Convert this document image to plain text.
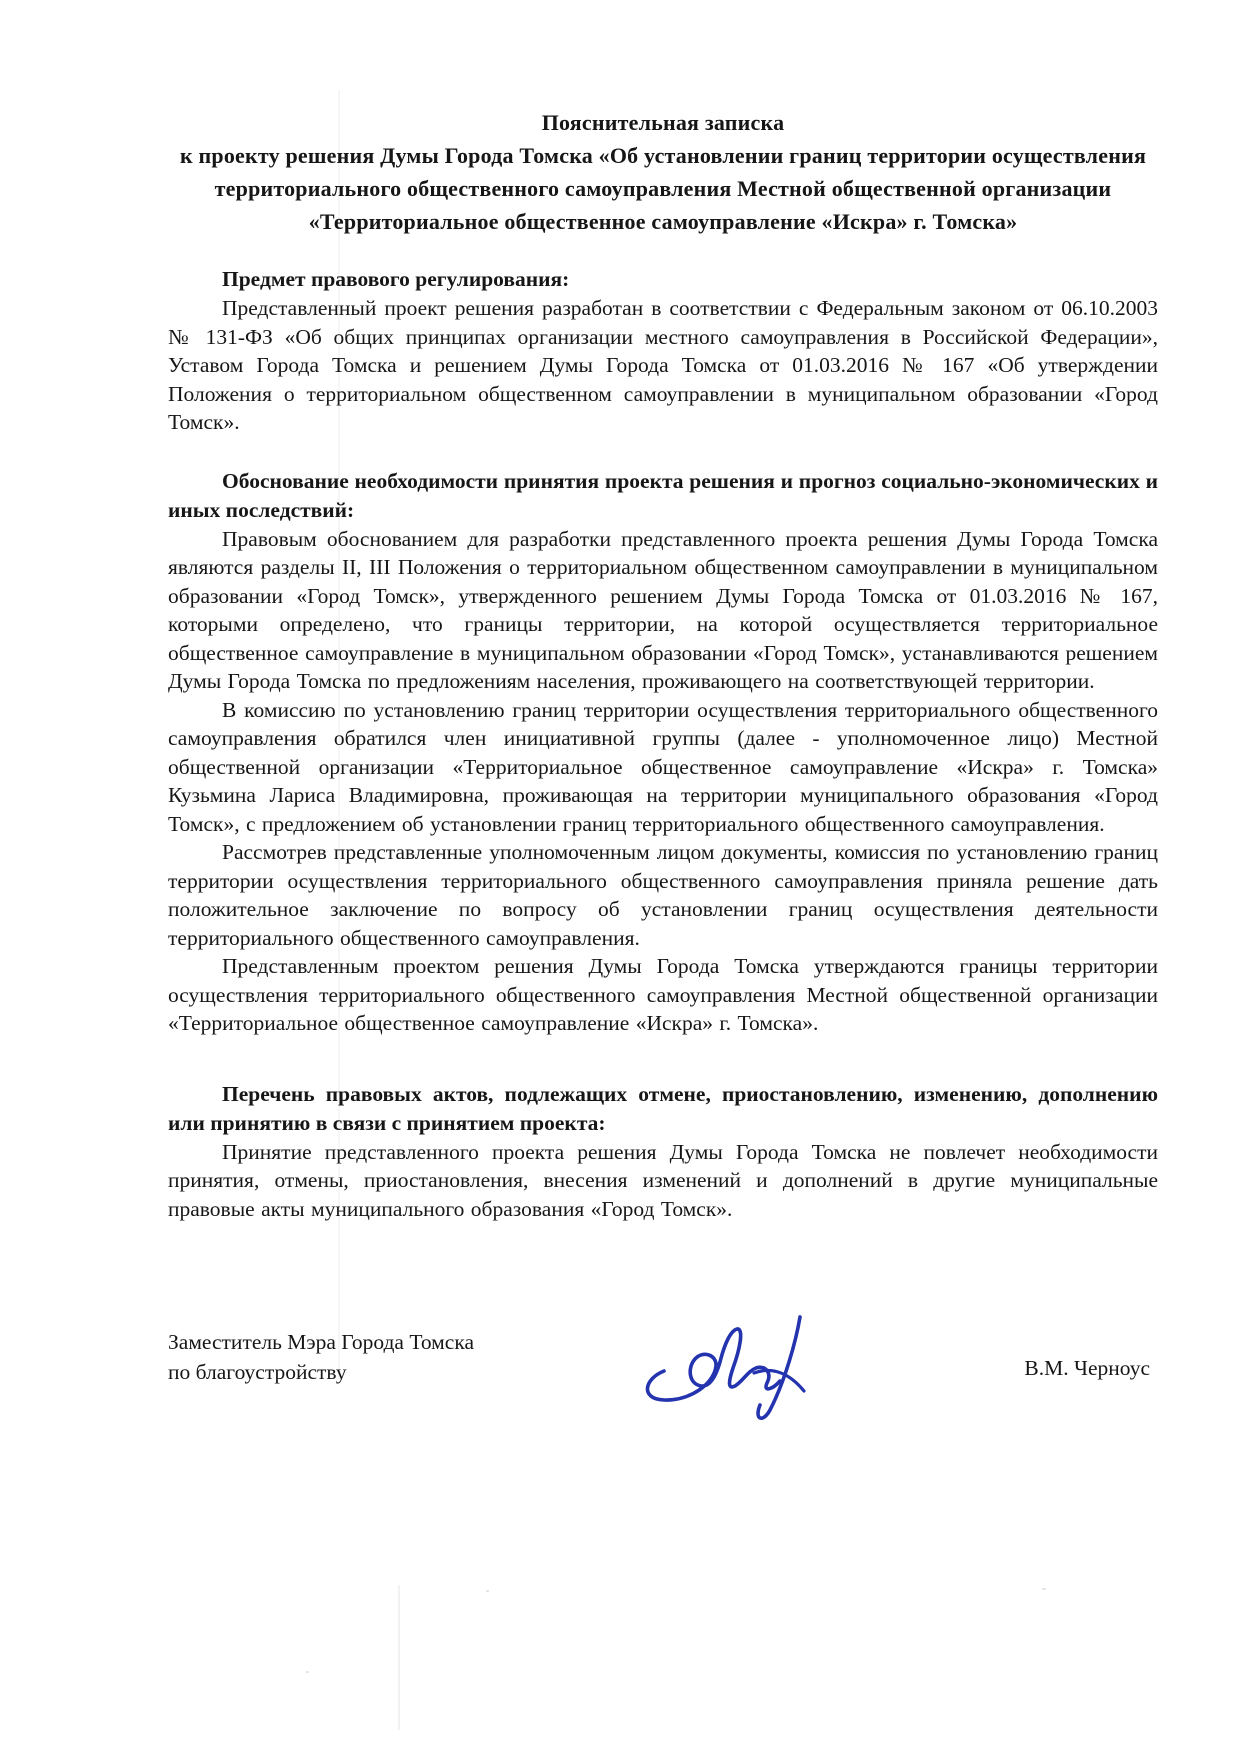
Пояснительная записка
к проекту решения Думы Города Томска «Об установлении границ территории осуществления территориального общественного самоуправления Местной общественной организации «Территориальное общественное самоуправление «Искра» г. Томска»
Предмет правового регулирования:

Представленный проект решения разработан в соответствии с Федеральным законом от 06.10.2003 № 131-ФЗ «Об общих принципах организации местного самоуправления в Российской Федерации», Уставом Города Томска и решением Думы Города Томска от 01.03.2016 № 167 «Об утверждении Положения о территориальном общественном самоуправлении в муниципальном образовании «Город Томск».

Обоснование необходимости принятия проекта решения и прогноз социально-экономических и иных последствий:

Правовым обоснованием для разработки представленного проекта решения Думы Города Томска являются разделы II, III Положения о территориальном общественном самоуправлении в муниципальном образовании «Город Томск», утвержденного решением Думы Города Томска от 01.03.2016 № 167, которыми определено, что границы территории, на которой осуществляется территориальное общественное самоуправление в муниципальном образовании «Город Томск», устанавливаются решением Думы Города Томска по предложениям населения, проживающего на соответствующей территории.

В комиссию по установлению границ территории осуществления территориального общественного самоуправления обратился член инициативной группы (далее - уполномоченное лицо) Местной общественной организации «Территориальное общественное самоуправление «Искра» г. Томска» Кузьмина Лариса Владимировна, проживающая на территории муниципального образования «Город Томск», с предложением об установлении границ территориального общественного самоуправления.

Рассмотрев представленные уполномоченным лицом документы, комиссия по установлению границ территории осуществления территориального общественного самоуправления приняла решение дать положительное заключение по вопросу об установлении границ осуществления деятельности территориального общественного самоуправления.

Представленным проектом решения Думы Города Томска утверждаются границы территории осуществления территориального общественного самоуправления Местной общественной организации «Территориальное общественное самоуправление «Искра» г. Томска».

Перечень правовых актов, подлежащих отмене, приостановлению, изменению, дополнению или принятию в связи с принятием проекта:

Принятие представленного проекта решения Думы Города Томска не повлечет необходимости принятия, отмены, приостановления, внесения изменений и дополнений в другие муниципальные правовые акты муниципального образования «Город Томск».

Заместитель Мэра Города Томска
по благоустройству	В.М. Черноус
